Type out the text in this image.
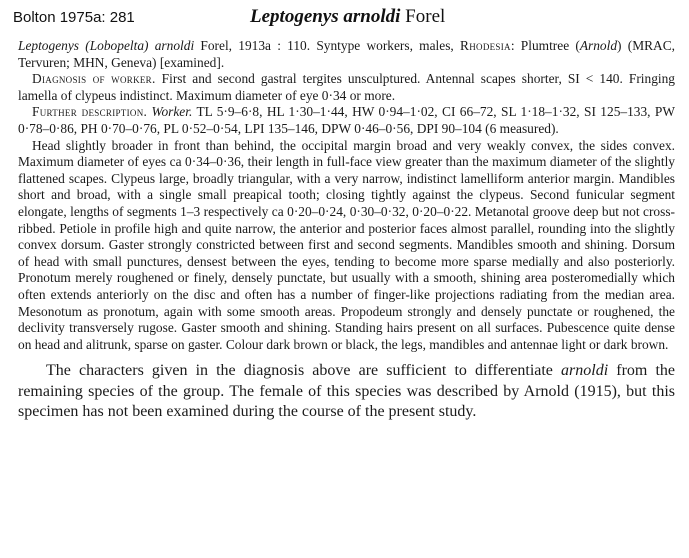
Bolton 1975a: 281	Leptogenys arnoldi Forel

Leptogenys (Lobopelta) arnoldi Forel, 1913a : 110. Syntype workers, males, Rhodesia: Plumtree (Arnold) (MRAC, Tervuren; MHN, Geneva) [examined].

Diagnosis of worker. First and second gastral tergites unsculptured. Antennal scapes shorter, SI < 140. Fringing lamella of clypeus indistinct. Maximum diameter of eye 0·34 or more.

Further description. Worker. TL 5·9–6·8, HL 1·30–1·44, HW 0·94–1·02, CI 66–72, SL 1·18–1·32, SI 125–133, PW 0·78–0·86, PH 0·70–0·76, PL 0·52–0·54, LPI 135–146, DPW 0·46–0·56, DPI 90–104 (6 measured).

Head slightly broader in front than behind, the occipital margin broad and very weakly convex, the sides convex. Maximum diameter of eyes ca 0·34–0·36, their length in full-face view greater than the maximum diameter of the slightly flattened scapes. Clypeus large, broadly triangular, with a very narrow, indistinct lamelliform anterior margin. Mandibles short and broad, with a single small preapical tooth; closing tightly against the clypeus. Second funicular segment elongate, lengths of segments 1–3 respectively ca 0·20–0·24, 0·30–0·32, 0·20–0·22. Metanotal groove deep but not cross-ribbed. Petiole in profile high and quite narrow, the anterior and posterior faces almost parallel, rounding into the slightly convex dorsum. Gaster strongly constricted between first and second segments. Mandibles smooth and shining. Dorsum of head with small punctures, densest between the eyes, tending to become more sparse medially and also posteriorly. Pronotum merely roughened or finely, densely punctate, but usually with a smooth, shining area posteromedially which often extends anteriorly on the disc and often has a number of finger-like projections radiating from the median area. Mesonotum as pronotum, again with some smooth areas. Propodeum strongly and densely punctate or roughened, the declivity transversely rugose. Gaster smooth and shining. Standing hairs present on all surfaces. Pubescence quite dense on head and alitrunk, sparse on gaster. Colour dark brown or black, the legs, mandibles and antennae light or dark brown.

The characters given in the diagnosis above are sufficient to differentiate arnoldi from the remaining species of the group. The female of this species was described by Arnold (1915), but this specimen has not been examined during the course of the present study.
